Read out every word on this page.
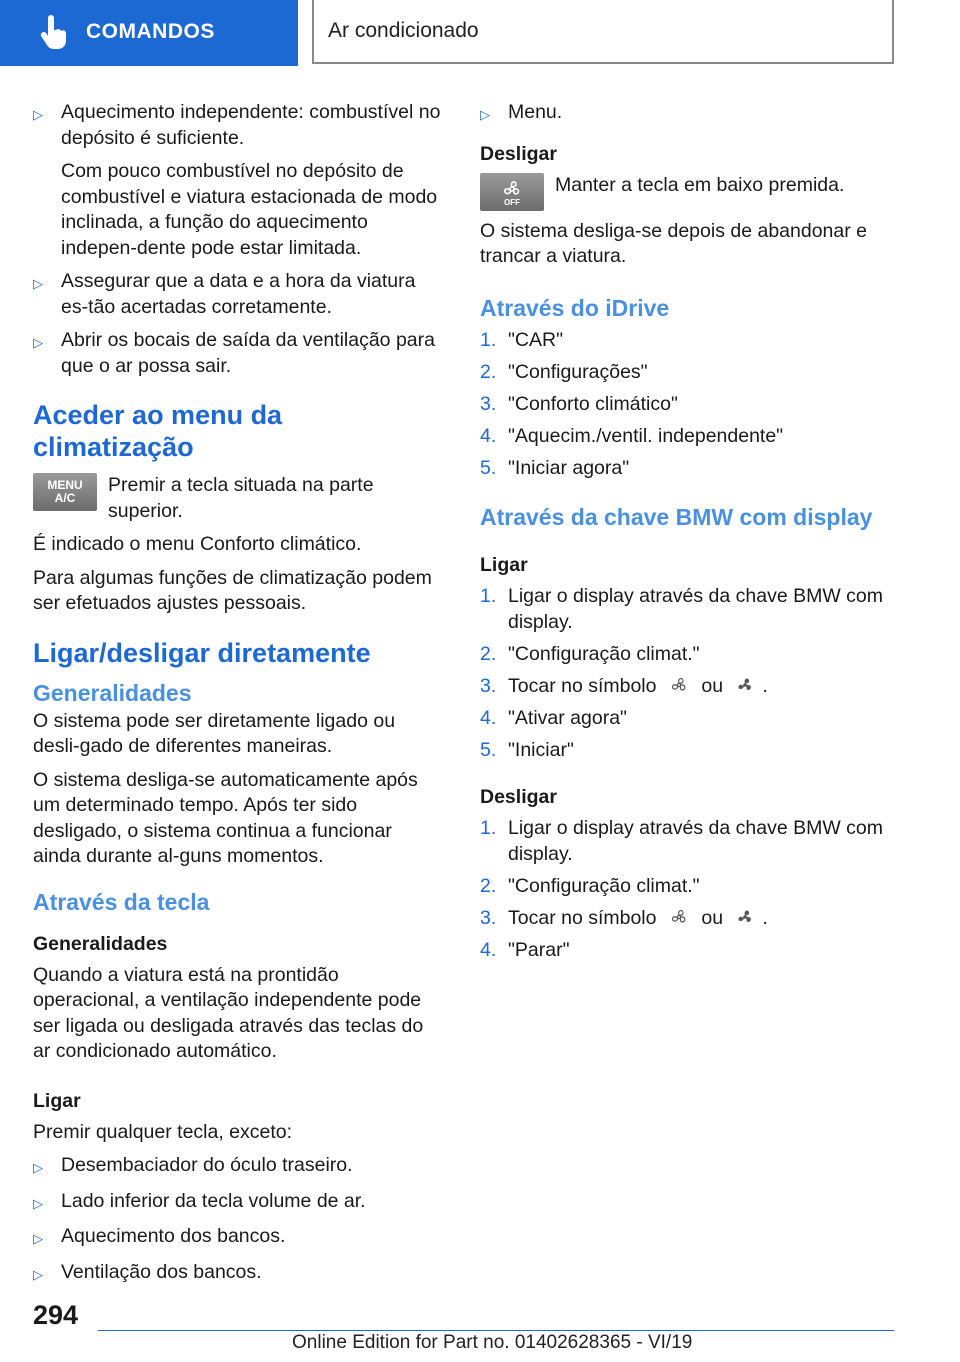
COMANDOS	Ar condicionado
▷ Aquecimento independente: combustível no depósito é suficiente.

Com pouco combustível no depósito de combustível e viatura estacionada de modo inclinada, a função do aquecimento indepen-dente pode estar limitada.

▷ Assegurar que a data e a hora da viatura es-tão acertadas corretamente.
▷ Abrir os bocais de saída da ventilação para que o ar possa sair.
Aceder ao menu da climatização
MENU
A/C
Premir a tecla situada na parte superior.

É indicado o menu Conforto climático.

Para algumas funções de climatização podem ser efetuados ajustes pessoais.

Ligar/desligar diretamente
Generalidades

O sistema pode ser diretamente ligado ou desli-gado de diferentes maneiras.

O sistema desliga-se automaticamente após um determinado tempo. Após ter sido desligado, o sistema continua a funcionar ainda durante al-guns momentos.

Através da tecla
Generalidades

Quando a viatura está na prontidão operacional, a ventilação independente pode ser ligada ou desligada através das teclas do ar condicionado automático.

Ligar

Premir qualquer tecla, exceto:

▷ Desembaciador do óculo traseiro.
▷ Lado inferior da tecla volume de ar.
▷ Aquecimento dos bancos.
▷ Ventilação dos bancos.
▷ Menu.
Desligar
OFF
Manter a tecla em baixo premida.

O sistema desliga-se depois de abandonar e trancar a viatura.

Através do iDrive
1. "CAR"
2. "Configurações"
3. "Conforto climático"
4. "Aquecim./ventil. independente"
5. "Iniciar agora"
Através da chave BMW com display
Ligar
1. Ligar o display através da chave BMW com display.
2. "Configuração climat."
3. Tocar no símbolo ou .
4. "Ativar agora"
5. "Iniciar"
Desligar
1. Ligar o display através da chave BMW com display.
2. "Configuração climat."
3. Tocar no símbolo ou .
4. "Parar"
294
Online Edition for Part no. 01402628365 - VI/19
